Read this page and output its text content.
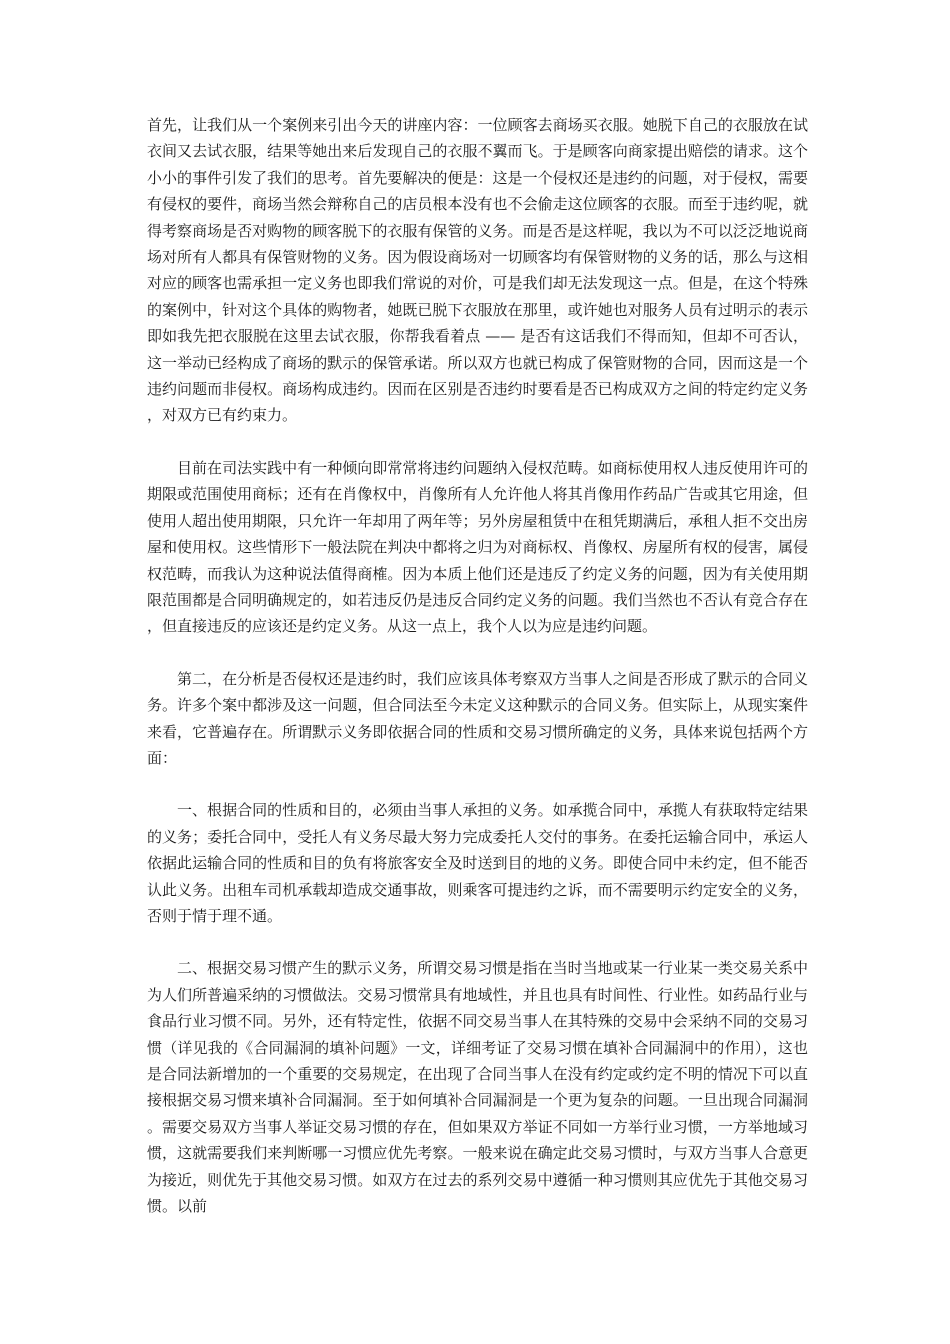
首先，让我们从一个案例来引出今天的讲座内容：一位顾客去商场买衣服。她脱下自己的衣服放在试衣间又去试衣服，结果等她出来后发现自己的衣服不翼而飞。于是顾客向商家提出赔偿的请求。这个小小的事件引发了我们的思考。首先要解决的便是：这是一个侵权还是违约的问题，对于侵权，需要有侵权的要件，商场当然会辩称自己的店员根本没有也不会偷走这位顾客的衣服。而至于违约呢，就得考察商场是否对购物的顾客脱下的衣服有保管的义务。而是否是这样呢，我以为不可以泛泛地说商场对所有人都具有保管财物的义务。因为假设商场对一切顾客均有保管财物的义务的话，那么与这相对应的顾客也需承担一定义务也即我们常说的对价，可是我们却无法发现这一点。但是，在这个特殊的案例中，针对这个具体的购物者，她既已脱下衣服放在那里，或许她也对服务人员有过明示的表示即如我先把衣服脱在这里去试衣服，你帮我看着点 —— 是否有这话我们不得而知，但却不可否认，这一举动已经构成了商场的默示的保管承诺。所以双方也就已构成了保管财物的合同，因而这是一个违约问题而非侵权。商场构成违约。因而在区别是否违约时要看是否已构成双方之间的特定约定义务，对双方已有约束力。

目前在司法实践中有一种倾向即常常将违约问题纳入侵权范畴。如商标使用权人违反使用许可的期限或范围使用商标；还有在肖像权中，肖像所有人允许他人将其肖像用作药品广告或其它用途，但使用人超出使用期限，只允许一年却用了两年等；另外房屋租赁中在租凭期满后，承租人拒不交出房屋和使用权。这些情形下一般法院在判决中都将之归为对商标权、肖像权、房屋所有权的侵害，属侵权范畴，而我认为这种说法值得商榷。因为本质上他们还是违反了约定义务的问题，因为有关使用期限范围都是合同明确规定的，如若违反仍是违反合同约定义务的问题。我们当然也不否认有竞合存在，但直接违反的应该还是约定义务。从这一点上，我个人以为应是违约问题。

第二，在分析是否侵权还是违约时，我们应该具体考察双方当事人之间是否形成了默示的合同义务。许多个案中都涉及这一问题，但合同法至今未定义这种默示的合同义务。但实际上，从现实案件来看，它普遍存在。所谓默示义务即依据合同的性质和交易习惯所确定的义务，具体来说包括两个方面：

一、根据合同的性质和目的，必须由当事人承担的义务。如承揽合同中，承揽人有获取特定结果的义务；委托合同中，受托人有义务尽最大努力完成委托人交付的事务。在委托运输合同中，承运人依据此运输合同的性质和目的负有将旅客安全及时送到目的地的义务。即使合同中未约定，但不能否认此义务。出租车司机承载却造成交通事故，则乘客可提违约之诉，而不需要明示约定安全的义务，否则于情于理不通。

二、根据交易习惯产生的默示义务，所谓交易习惯是指在当时当地或某一行业某一类交易关系中为人们所普遍采纳的习惯做法。交易习惯常具有地域性，并且也具有时间性、行业性。如药品行业与食品行业习惯不同。另外，还有特定性，依据不同交易当事人在其特殊的交易中会采纳不同的交易习惯（详见我的《合同漏洞的填补问题》一文，详细考证了交易习惯在填补合同漏洞中的作用），这也是合同法新增加的一个重要的交易规定，在出现了合同当事人在没有约定或约定不明的情况下可以直接根据交易习惯来填补合同漏洞。至于如何填补合同漏洞是一个更为复杂的问题。一旦出现合同漏洞。需要交易双方当事人举证交易习惯的存在，但如果双方举证不同如一方举行业习惯，一方举地域习惯，这就需要我们来判断哪一习惯应优先考察。一般来说在确定此交易习惯时，与双方当事人合意更为接近，则优先于其他交易习惯。如双方在过去的系列交易中遵循一种习惯则其应优先于其他交易习惯。以前
